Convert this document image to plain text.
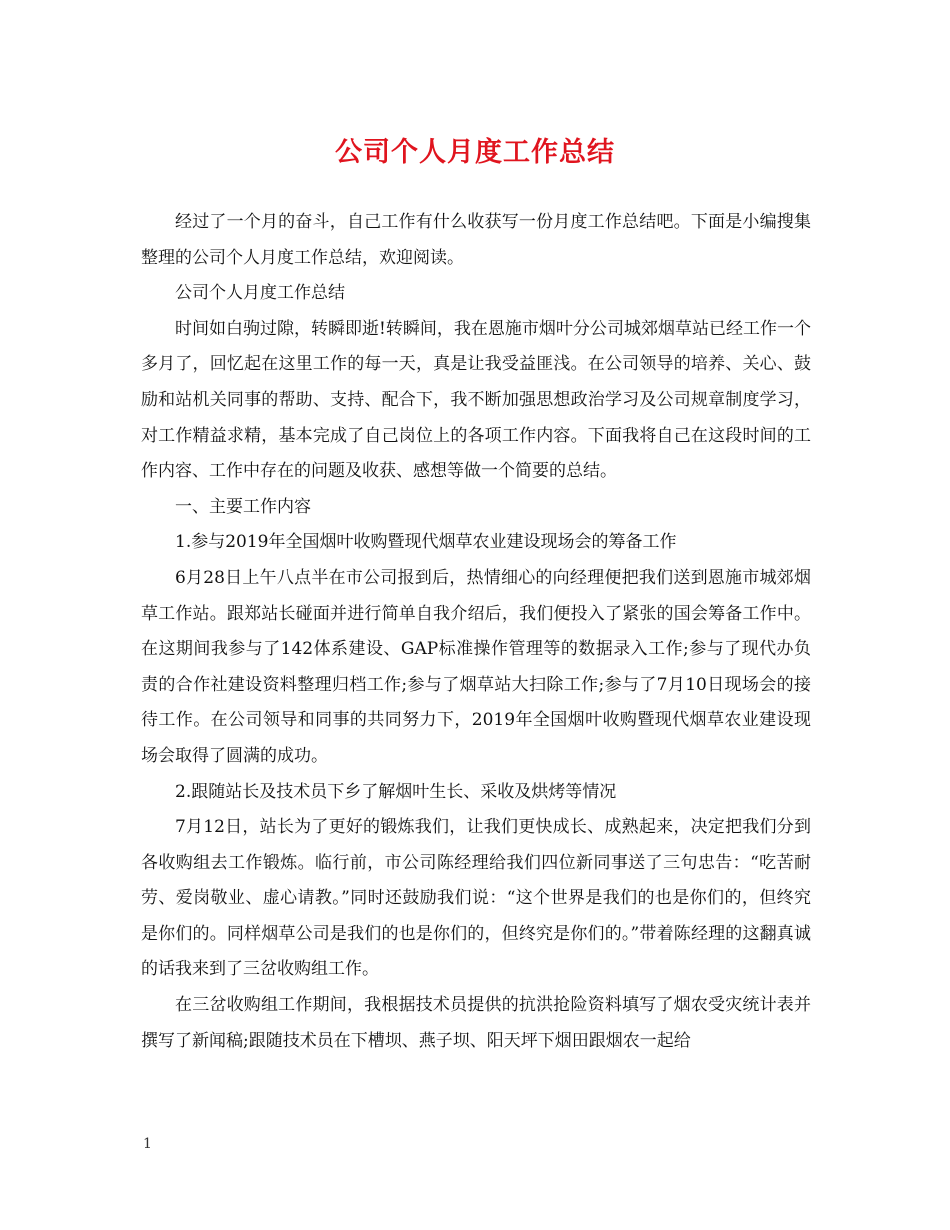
公司个人月度工作总结

经过了一个月的奋斗，自己工作有什么收获写一份月度工作总结吧。下面是小编搜集整理的公司个人月度工作总结，欢迎阅读。

公司个人月度工作总结

时间如白驹过隙，转瞬即逝!转瞬间，我在恩施市烟叶分公司城郊烟草站已经工作一个多月了，回忆起在这里工作的每一天，真是让我受益匪浅。在公司领导的培养、关心、鼓励和站机关同事的帮助、支持、配合下，我不断加强思想政治学习及公司规章制度学习，对工作精益求精，基本完成了自己岗位上的各项工作内容。下面我将自己在这段时间的工作内容、工作中存在的问题及收获、感想等做一个简要的总结。

一、主要工作内容

1.参与2019年全国烟叶收购暨现代烟草农业建设现场会的筹备工作

6月28日上午八点半在市公司报到后，热情细心的向经理便把我们送到恩施市城郊烟草工作站。跟郑站长碰面并进行简单自我介绍后，我们便投入了紧张的国会筹备工作中。在这期间我参与了142体系建设、GAP标准操作管理等的数据录入工作;参与了现代办负责的合作社建设资料整理归档工作;参与了烟草站大扫除工作;参与了7月10日现场会的接待工作。在公司领导和同事的共同努力下，2019年全国烟叶收购暨现代烟草农业建设现场会取得了圆满的成功。

2.跟随站长及技术员下乡了解烟叶生长、采收及烘烤等情况

7月12日，站长为了更好的锻炼我们，让我们更快成长、成熟起来，决定把我们分到各收购组去工作锻炼。临行前，市公司陈经理给我们四位新同事送了三句忠告：“吃苦耐劳、爱岗敬业、虚心请教。”同时还鼓励我们说：“这个世界是我们的也是你们的，但终究是你们的。同样烟草公司是我们的也是你们的，但终究是你们的。”带着陈经理的这翻真诚的话我来到了三岔收购组工作。

在三岔收购组工作期间，我根据技术员提供的抗洪抢险资料填写了烟农受灾统计表并撰写了新闻稿;跟随技术员在下槽坝、燕子坝、阳天坪下烟田跟烟农一起给

1
